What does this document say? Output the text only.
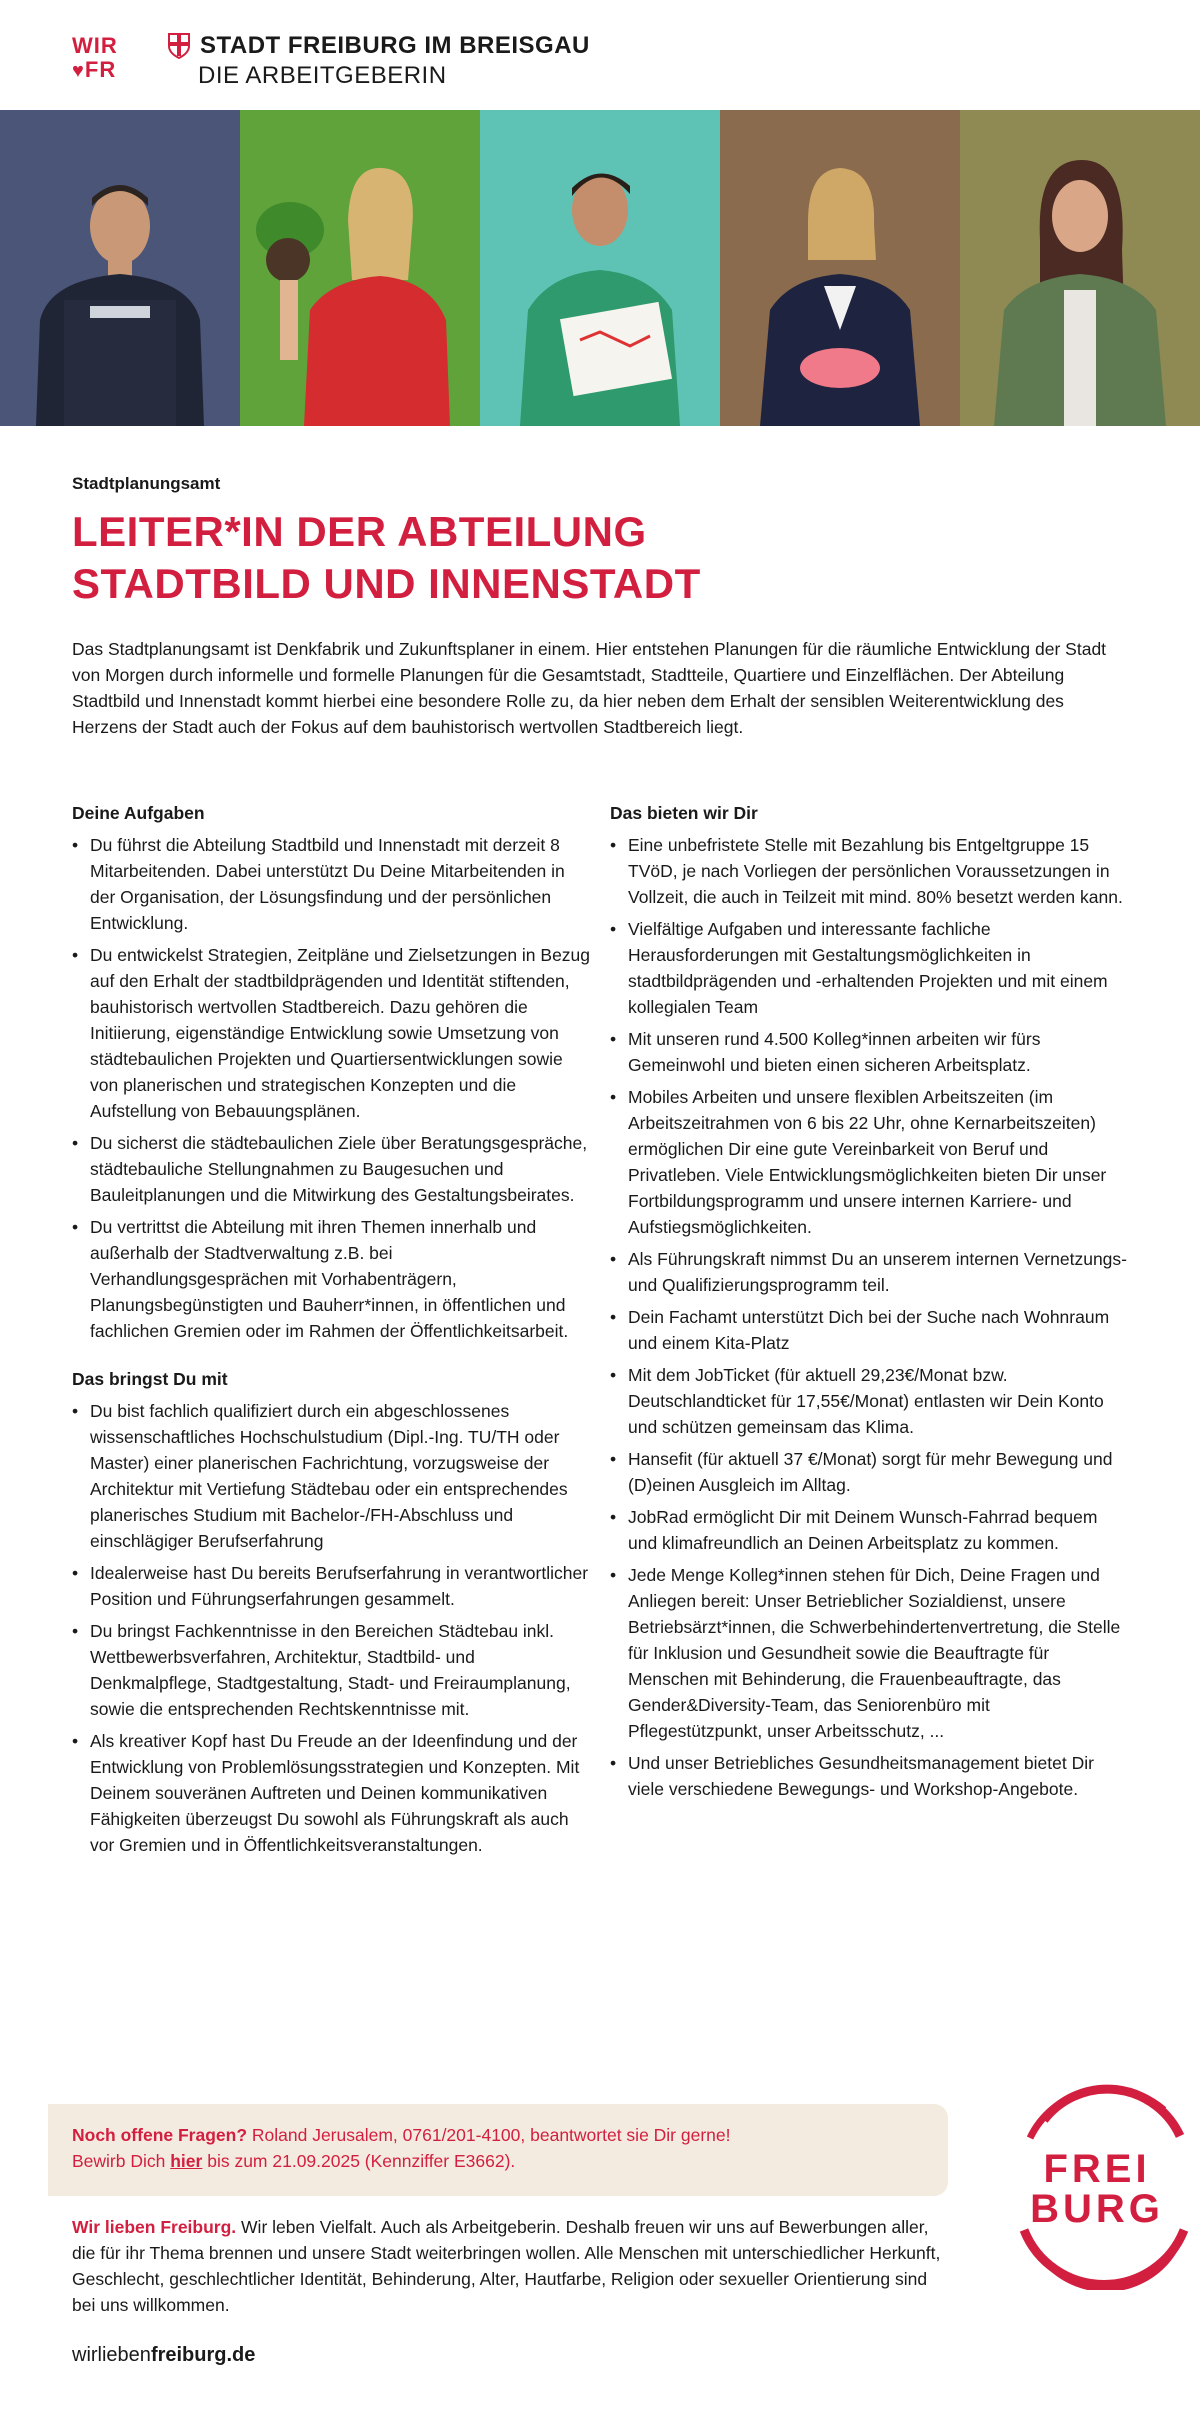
WIR
♥FR
STADT FREIBURG IM BREISGAU
DIE ARBEITGEBERIN
Stadtplanungsamt
LEITER*IN DER ABTEILUNG
STADTBILD UND INNENSTADT

Das Stadtplanungsamt ist Denkfabrik und Zukunftsplaner in einem. Hier entstehen Planungen für die räumliche Entwicklung der Stadt von Morgen durch informelle und formelle Planungen für die Gesamtstadt, Stadtteile, Quartiere und Einzelflächen. Der Abteilung Stadtbild und Innenstadt kommt hierbei eine besondere Rolle zu, da hier neben dem Erhalt der sensiblen Weiterentwicklung des Herzens der Stadt auch der Fokus auf dem bauhistorisch wertvollen Stadtbereich liegt.

Deine Aufgaben
• Du führst die Abteilung Stadtbild und Innenstadt mit derzeit 8 Mitarbeitenden. Dabei unterstützt Du Deine Mitarbeitenden in der Organisation, der Lösungsfindung und der persönlichen Entwicklung.
• Du entwickelst Strategien, Zeitpläne und Zielsetzungen in Bezug auf den Erhalt der stadtbildprägenden und Identität stiftenden, bauhistorisch wertvollen Stadtbereich. Dazu gehören die Initiierung, eigenständige Entwicklung sowie Umsetzung von städtebaulichen Projekten und Quartiersentwicklungen sowie von planerischen und strategischen Konzepten und die Aufstellung von Bebauungsplänen.
• Du sicherst die städtebaulichen Ziele über Beratungsgespräche, städtebauliche Stellungnahmen zu Baugesuchen und Bauleitplanungen und die Mitwirkung des Gestaltungsbeirates.
• Du vertrittst die Abteilung mit ihren Themen innerhalb und außerhalb der Stadtverwaltung z.B. bei Verhandlungsgesprächen mit Vorhabenträgern, Planungsbegünstigten und Bauherr*innen, in öffentlichen und fachlichen Gremien oder im Rahmen der Öffentlichkeitsarbeit.
Das bringst Du mit
• Du bist fachlich qualifiziert durch ein abgeschlossenes wissenschaftliches Hochschulstudium (Dipl.-Ing. TU/TH oder Master) einer planerischen Fachrichtung, vorzugsweise der Architektur mit Vertiefung Städtebau oder ein entsprechendes planerisches Studium mit Bachelor-/FH-Abschluss und einschlägiger Berufserfahrung
• Idealerweise hast Du bereits Berufserfahrung in verantwortlicher Position und Führungserfahrungen gesammelt.
• Du bringst Fachkenntnisse in den Bereichen Städtebau inkl. Wettbewerbsverfahren, Architektur, Stadtbild- und Denkmalpflege, Stadtgestaltung, Stadt- und Freiraumplanung, sowie die entsprechenden Rechtskenntnisse mit.
• Als kreativer Kopf hast Du Freude an der Ideenfindung und der Entwicklung von Problemlösungsstrategien und Konzepten. Mit Deinem souveränen Auftreten und Deinen kommunikativen Fähigkeiten überzeugst Du sowohl als Führungskraft als auch vor Gremien und in Öffentlichkeitsveranstaltungen.
Das bieten wir Dir
• Eine unbefristete Stelle mit Bezahlung bis Entgeltgruppe 15 TVöD, je nach Vorliegen der persönlichen Voraussetzungen in Vollzeit, die auch in Teilzeit mit mind. 80% besetzt werden kann.
• Vielfältige Aufgaben und interessante fachliche Herausforderungen mit Gestaltungsmöglichkeiten in stadtbildprägenden und -erhaltenden Projekten und mit einem kollegialen Team
• Mit unseren rund 4.500 Kolleg*innen arbeiten wir fürs Gemeinwohl und bieten einen sicheren Arbeitsplatz.
• Mobiles Arbeiten und unsere flexiblen Arbeitszeiten (im Arbeitszeitrahmen von 6 bis 22 Uhr, ohne Kernarbeitszeiten) ermöglichen Dir eine gute Vereinbarkeit von Beruf und Privatleben. Viele Entwicklungsmöglichkeiten bieten Dir unser Fortbildungsprogramm und unsere internen Karriere- und Aufstiegsmöglichkeiten.
• Als Führungskraft nimmst Du an unserem internen Vernetzungs- und Qualifizierungsprogramm teil.
• Dein Fachamt unterstützt Dich bei der Suche nach Wohnraum und einem Kita-Platz
• Mit dem JobTicket (für aktuell 29,23€/Monat bzw. Deutschlandticket für 17,55€/Monat) entlasten wir Dein Konto und schützen gemeinsam das Klima.
• Hansefit (für aktuell 37 €/Monat) sorgt für mehr Bewegung und (D)einen Ausgleich im Alltag.
• JobRad ermöglicht Dir mit Deinem Wunsch-Fahrrad bequem und klimafreundlich an Deinen Arbeitsplatz zu kommen.
• Jede Menge Kolleg*innen stehen für Dich, Deine Fragen und Anliegen bereit: Unser Betrieblicher Sozialdienst, unsere Betriebsärzt*innen, die Schwerbehindertenvertretung, die Stelle für Inklusion und Gesundheit sowie die Beauftragte für Menschen mit Behinderung, die Frauenbeauftragte, das Gender&Diversity-Team, das Seniorenbüro mit Pflegestützpunkt, unser Arbeitsschutz, ...
• Und unser Betriebliches Gesundheitsmanagement bietet Dir viele verschiedene Bewegungs- und Workshop-Angebote.
Noch offene Fragen? Roland Jerusalem, 0761/201-4100, beantwortet sie Dir gerne!
Bewirb Dich hier bis zum 21.09.2025 (Kennziffer E3662).	FREI
BURG

Wir lieben Freiburg. Wir leben Vielfalt. Auch als Arbeitgeberin. Deshalb freuen wir uns auf Bewerbungen aller, die für ihr Thema brennen und unsere Stadt weiterbringen wollen. Alle Menschen mit unterschiedlicher Herkunft, Geschlecht, geschlechtlicher Identität, Behinderung, Alter, Hautfarbe, Religion oder sexueller Orientierung sind bei uns willkommen.

wirliebenfreiburg.de
